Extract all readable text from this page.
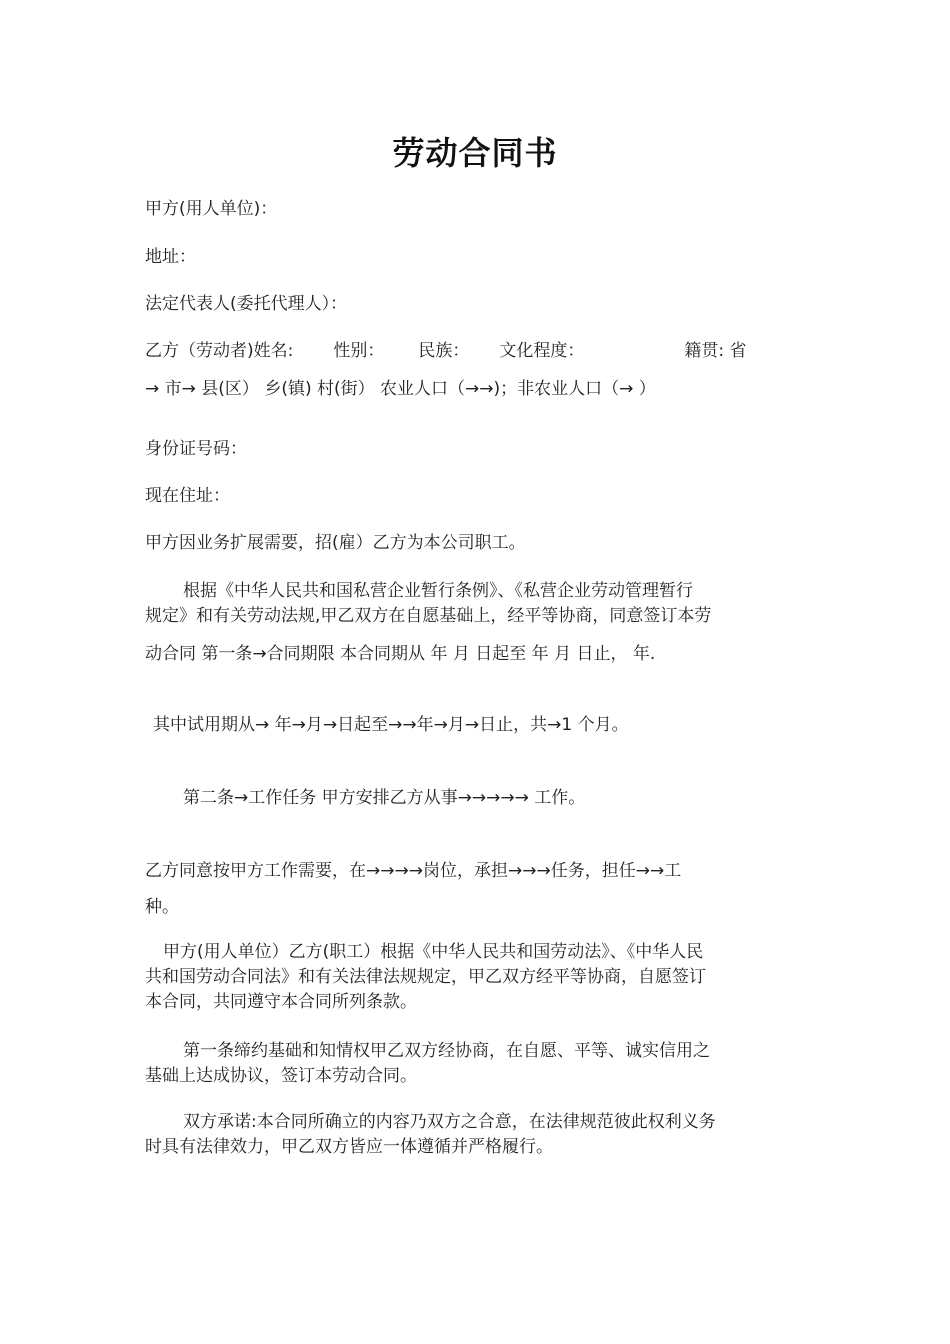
劳动合同书
甲方(用人单位)：
地址：
法定代表人(委托代理人）：
乙方（劳动者)姓名: 性别： 民族： 文化程度：	籍贯: 省
→ 市→ 县(区） 乡(镇) 村(街） 农业人口（→→)；非农业人口（→ ）
身份证号码：
现在住址：
甲方因业务扩展需要，招(雇）乙方为本公司职工。
根据《中华人民共和国私营企业暂行条例》、《私营企业劳动管理暂行
规定》和有关劳动法规,甲乙双方在自愿基础上，经平等协商，同意签订本劳
动合同 第一条→合同期限 本合同期从 年 月 日起至 年 月 日止， 年.
其中试用期从→ 年→月→日起至→→年→月→日止，共→1 个月。
第二条→工作任务 甲方安排乙方从事→→→→→ 工作。
乙方同意按甲方工作需要，在→→→→岗位，承担→→→任务，担任→→工
种。
甲方(用人单位）乙方(职工）根据《中华人民共和国劳动法》、《中华人民
共和国劳动合同法》和有关法律法规规定，甲乙双方经平等协商，自愿签订
本合同，共同遵守本合同所列条款。
第一条缔约基础和知情权甲乙双方经协商，在自愿、平等、诚实信用之
基础上达成协议，签订本劳动合同。
双方承诺:本合同所确立的内容乃双方之合意，在法律规范彼此权利义务
时具有法律效力，甲乙双方皆应一体遵循并严格履行。
